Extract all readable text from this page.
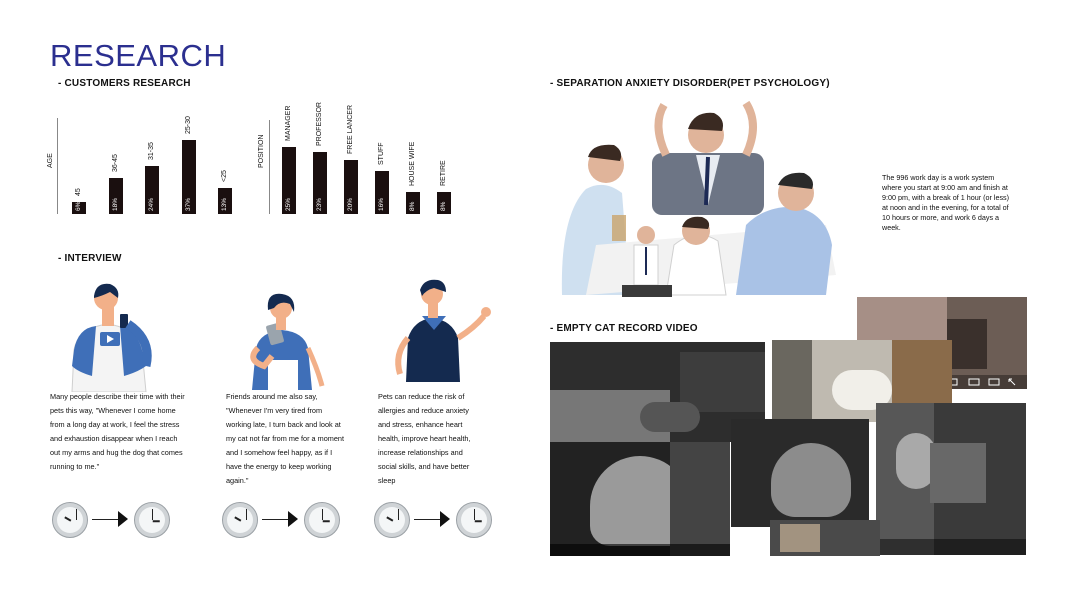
RESEARCH
- CUSTOMERS RESEARCH
- INTERVIEW
- SEPARATION ANXIETY DISORDER(PET PSYCHOLOGY)
- EMPTY CAT RECORD VIDEO
AGE
6%
45
18%
36-45
24%
31-35
37%
25-30
13%
<25
POSITION
25%
MANAGER
23%
PROFESSOR
20%
FREE LANCER
16%
STUFF
8%
HOUSE WIFE
8%
RETIRE
Many people describe their time with their pets this way, "Whenever I come home from a long day at work, I feel the stress and exhaustion disappear when I reach out my arms and hug the dog that comes running to me."
Friends around me also say, "Whenever I'm very tired from working late, I turn back and look at my cat not far from me for a moment and I somehow feel happy, as if I have the energy to keep working again."
Pets can reduce the risk of allergies and reduce anxiety and stress, enhance heart health, improve heart health, increase relationships and social skills, and have better sleep
The 996 work day is a work system where you start at 9:00 am and finish at 9:00 pm, with a break of 1 hour (or less) at noon and in the evening, for a total of 10 hours or more, and work 6 days a week.
